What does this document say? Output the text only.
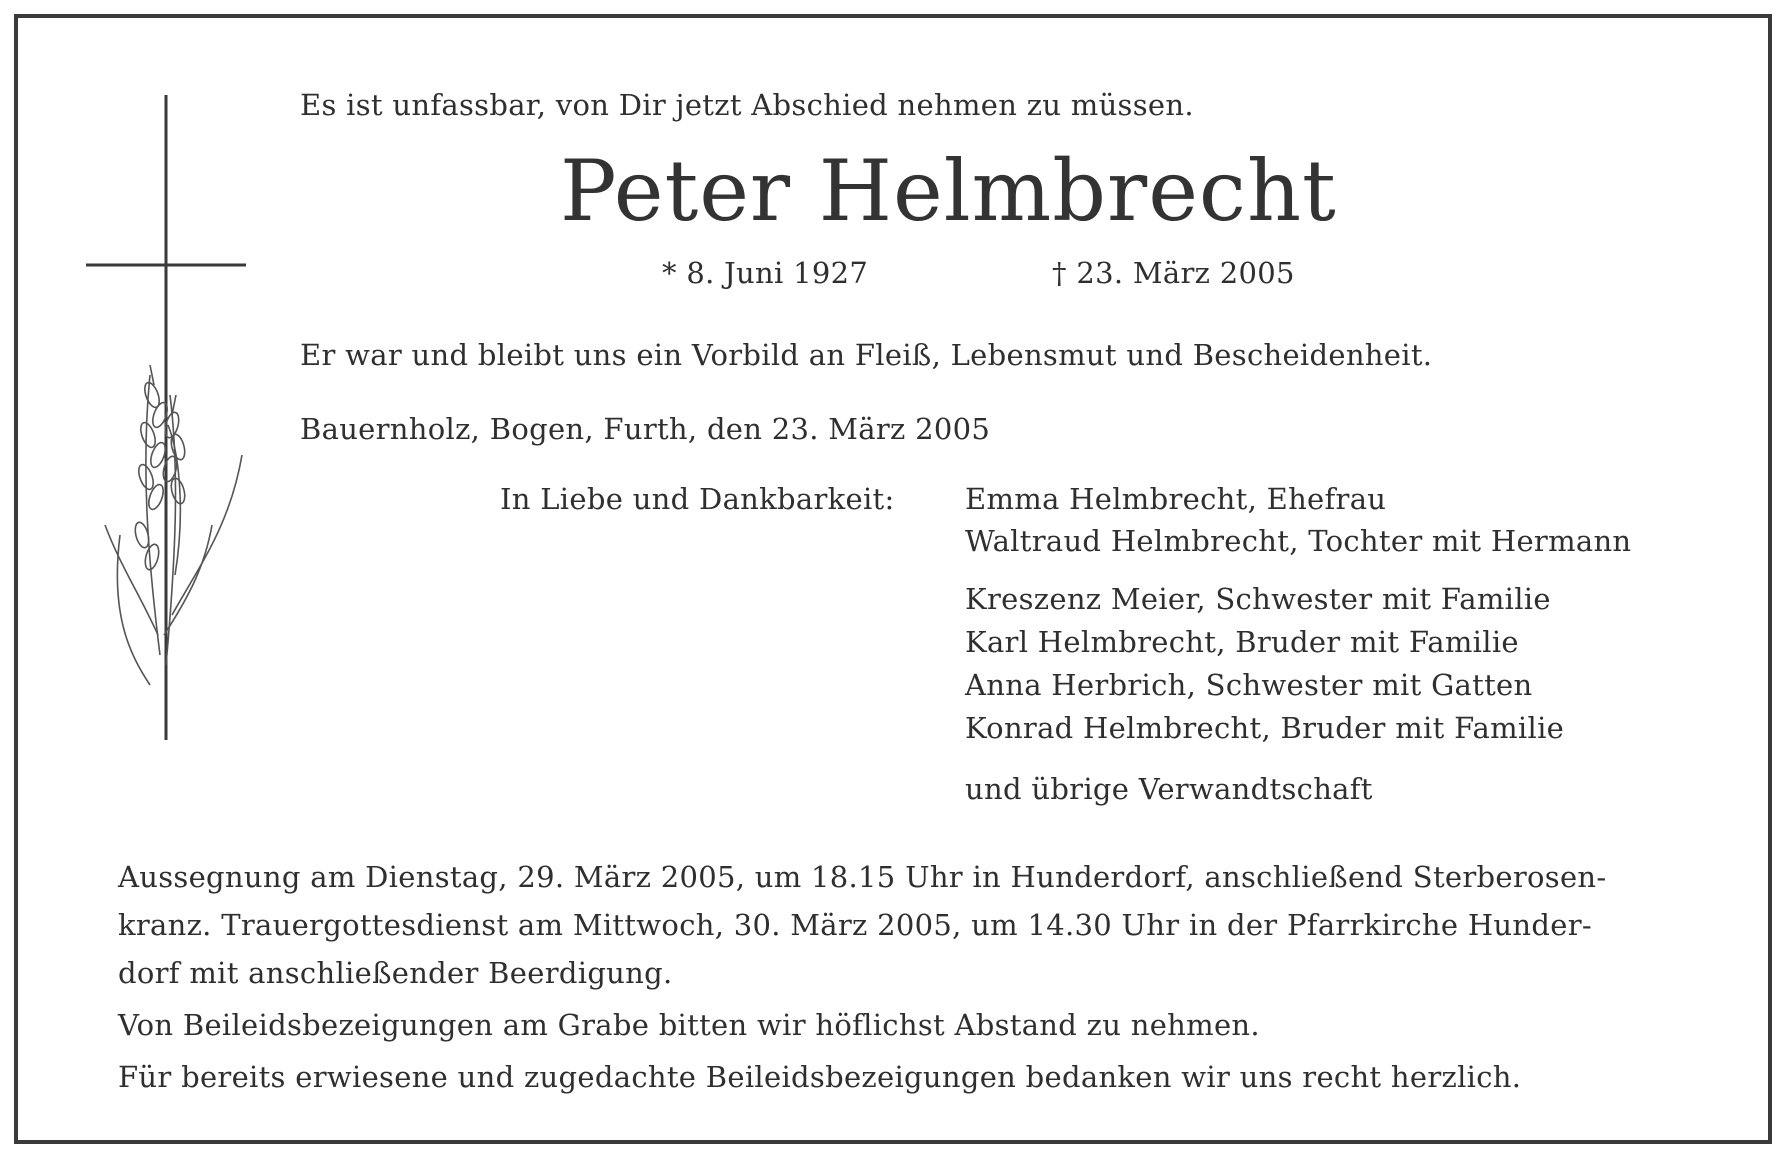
Es ist unfassbar, von Dir jetzt Abschied nehmen zu müssen.
Peter Helmbrecht
* 8. Juni 1927	† 23. März 2005
Er war und bleibt uns ein Vorbild an Fleiß, Lebensmut und Bescheidenheit.
Bauernholz, Bogen, Furth, den 23. März 2005
In Liebe und Dankbarkeit: Emma Helmbrecht, Ehefrau
Waltraud Helmbrecht, Tochter mit Hermann
Kreszenz Meier, Schwester mit Familie
Karl Helmbrecht, Bruder mit Familie
Anna Herbrich, Schwester mit Gatten
Konrad Helmbrecht, Bruder mit Familie
und übrige Verwandtschaft
Aussegnung am Dienstag, 29. März 2005, um 18.15 Uhr in Hunderdorf, anschließend Sterberosen-
kranz. Trauergottesdienst am Mittwoch, 30. März 2005, um 14.30 Uhr in der Pfarrkirche Hunder-
dorf mit anschließender Beerdigung.
Von Beileidsbezeigungen am Grabe bitten wir höflichst Abstand zu nehmen.
Für bereits erwiesene und zugedachte Beileidsbezeigungen bedanken wir uns recht herzlich.
